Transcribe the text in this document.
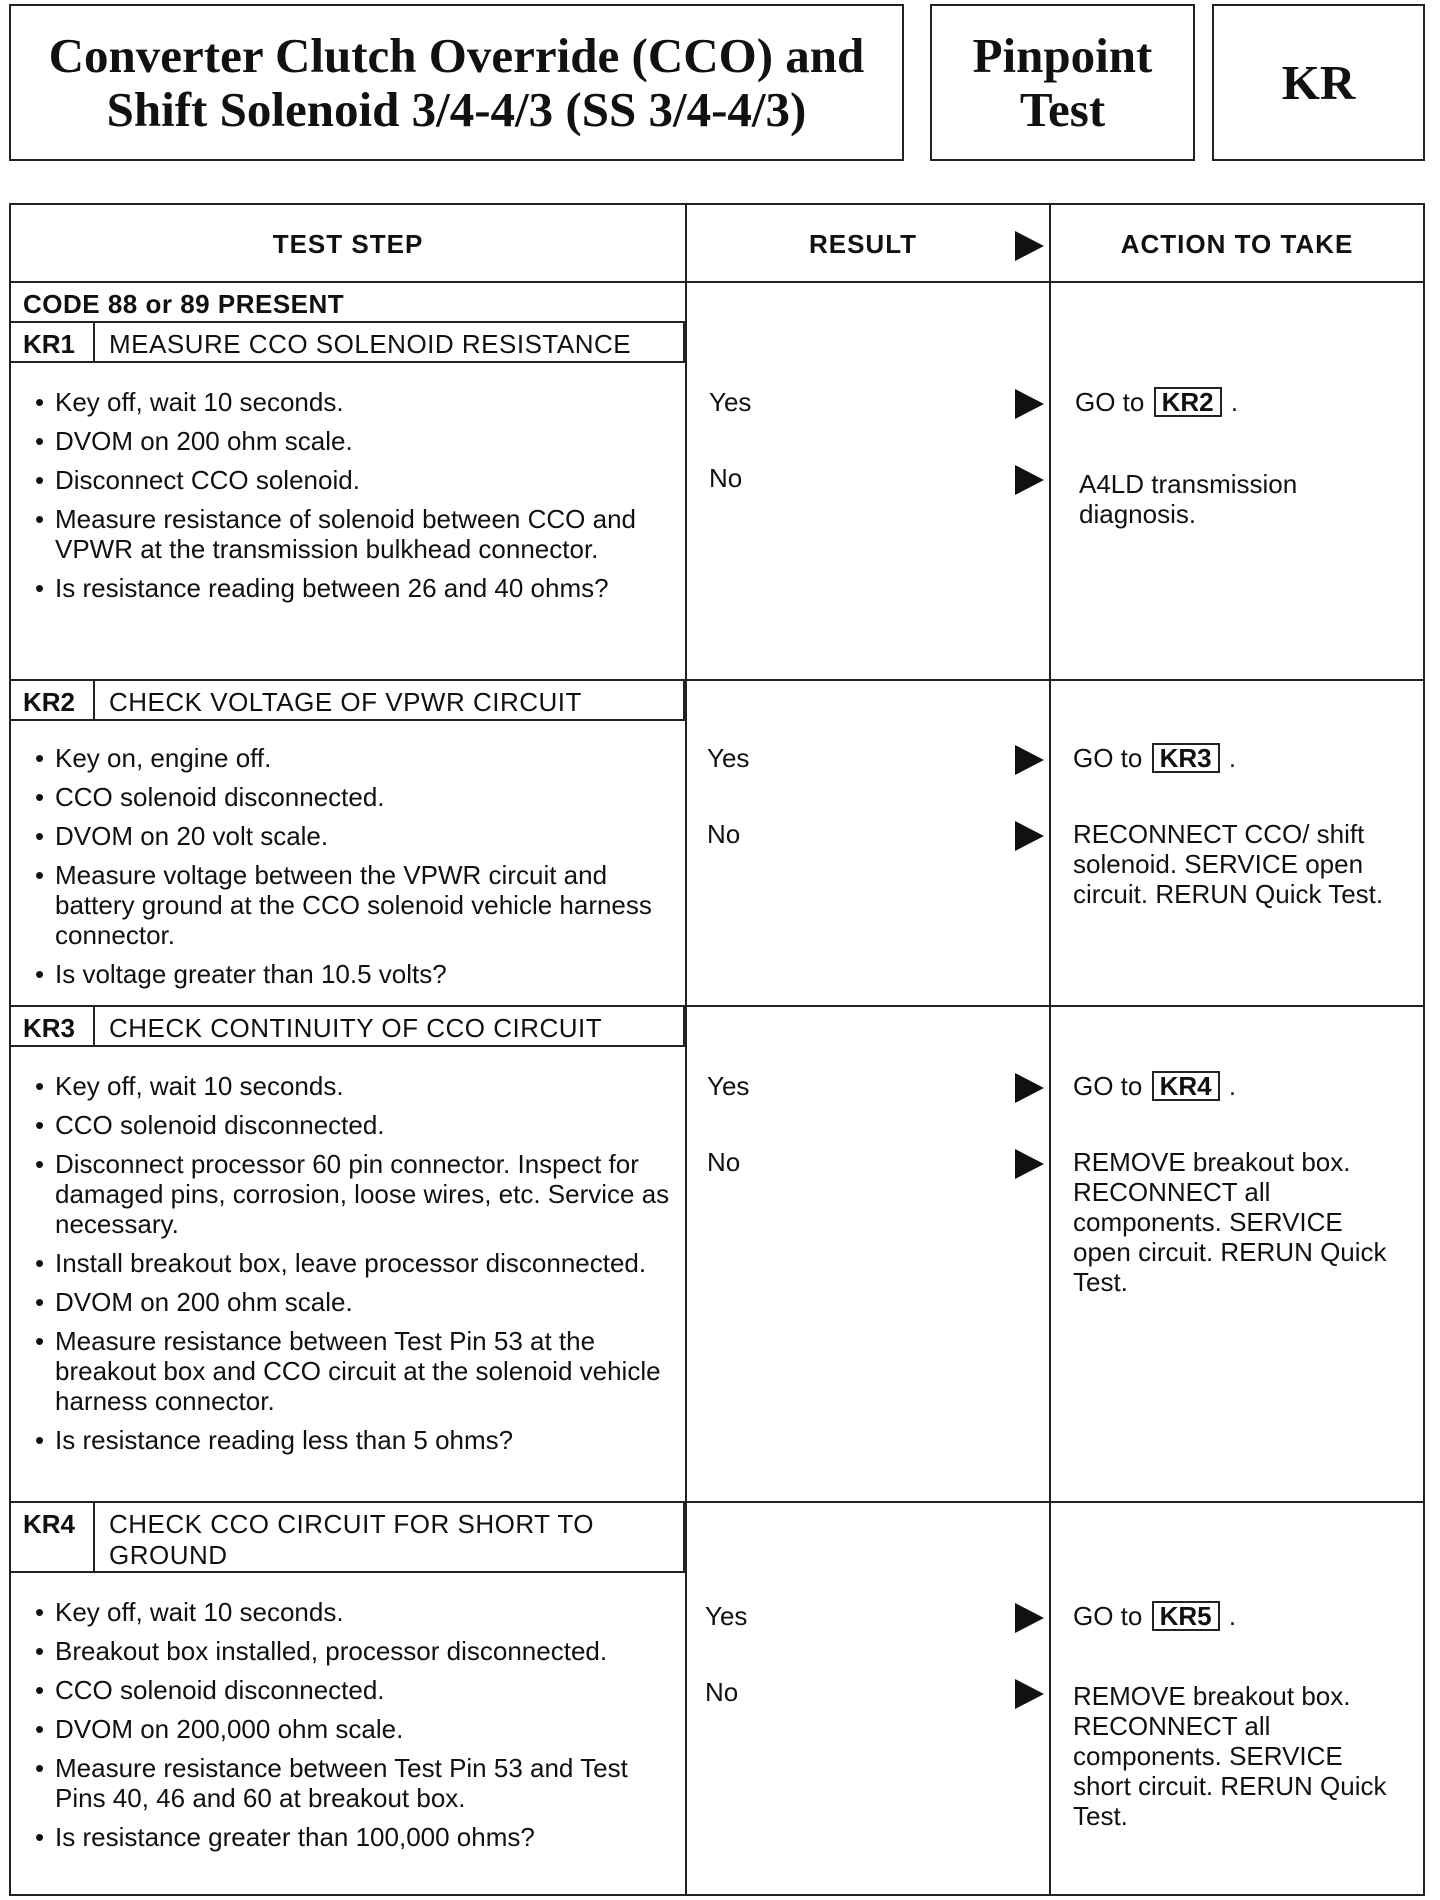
Converter Clutch Override (CCO) and
Shift Solenoid 3/4-4/3 (SS 3/4-4/3)
Pinpoint
Test	KR
TEST STEP	RESULT	ACTION TO TAKE
CODE 88 or 89 PRESENT
KR1	MEASURE CCO SOLENOID RESISTANCE
• Key off, wait 10 seconds.
• DVOM on 200 ohm scale.
• Disconnect CCO solenoid.
• Measure resistance of solenoid between CCO and VPWR at the transmission bulkhead connector.
• Is resistance reading between 26 and 40 ohms?
Yes	GO to KR2 .
No	A4LD transmission diagnosis.
KR2	CHECK VOLTAGE OF VPWR CIRCUIT
• Key on, engine off.
• CCO solenoid disconnected.
• DVOM on 20 volt scale.
• Measure voltage between the VPWR circuit and battery ground at the CCO solenoid vehicle harness connector.
• Is voltage greater than 10.5 volts?
Yes	GO to KR3 .
No	RECONNECT CCO/ shift solenoid. SERVICE open circuit. RERUN Quick Test.
KR3	CHECK CONTINUITY OF CCO CIRCUIT
• Key off, wait 10 seconds.
• CCO solenoid disconnected.
• Disconnect processor 60 pin connector. Inspect for damaged pins, corrosion, loose wires, etc. Service as necessary.
• Install breakout box, leave processor disconnected.
• DVOM on 200 ohm scale.
• Measure resistance between Test Pin 53 at the breakout box and CCO circuit at the solenoid vehicle harness connector.
• Is resistance reading less than 5 ohms?
Yes	GO to KR4 .
No	REMOVE breakout box. RECONNECT all components. SERVICE open circuit. RERUN Quick Test.
KR4	CHECK CCO CIRCUIT FOR SHORT TO GROUND
• Key off, wait 10 seconds.
• Breakout box installed, processor disconnected.
• CCO solenoid disconnected.
• DVOM on 200,000 ohm scale.
• Measure resistance between Test Pin 53 and Test Pins 40, 46 and 60 at breakout box.
• Is resistance greater than 100,000 ohms?
Yes	GO to KR5 .
No	REMOVE breakout box. RECONNECT all components. SERVICE short circuit. RERUN Quick Test.
